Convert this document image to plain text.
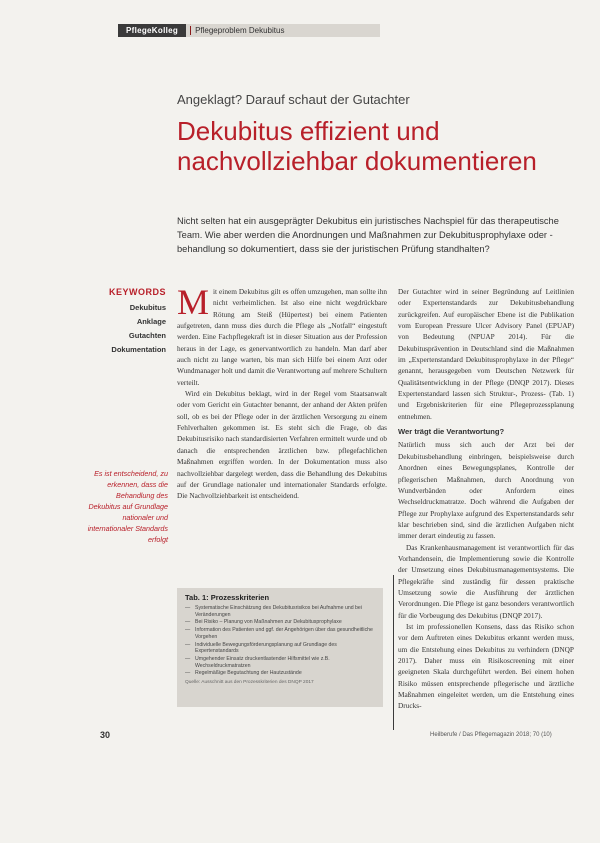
PflegeKolleg	Pflegeproblem Dekubitus
Angeklagt? Darauf schaut der Gutachter
Dekubitus effizient und nachvollziehbar dokumentieren
Nicht selten hat ein ausgeprägter Dekubitus ein juristisches Nachspiel für das therapeutische Team. Wie aber werden die Anordnungen und Maßnahmen zur Dekubitusprophylaxe oder -behandlung so dokumentiert, dass sie der juristischen Prüfung standhalten?
KEYWORDS
Dekubitus
Anklage
Gutachten
Dokumentation
Es ist entscheidend, zu erkennen, dass die Behandlung des Dekubitus auf Grundlage nationaler und internationaler Standards erfolgt

Mit einem Dekubitus gilt es offen umzugehen, man sollte ihn nicht verheimlichen. Ist also eine nicht wegdrückbare Rötung am Steiß (Hüpertest) bei einem Patienten aufgetreten, dann muss dies durch die Pflege als „Notfall“ eingestuft werden. Eine Fachpflegekraft ist in dieser Situation aus der Profession heraus in der Lage, es genervantwortlich zu handeln. Man darf aber auch nicht zu lange warten, bis man sich Hilfe bei einem Arzt oder Wundmanager holt und damit die Verantwortung auf mehrere Schultern verteilt.

Wird ein Dekubitus beklagt, wird in der Regel vom Staatsanwalt oder vom Gericht ein Gutachter benannt, der anhand der Akten prüfen soll, ob es bei der Pflege oder in der ärztlichen Versorgung zu einem Fehlverhalten gekommen ist. Es steht sich die Frage, ob das Dekubitusrisiko nach standardisierten Verfahren ermittelt wurde und ob danach die entsprechenden ärztlichen bzw. pflegefachlichen Maßnahmen ergriffen worden. In der Dokumentation muss also nachvollziehbar dargelegt werden, dass die Behandlung des Dekubitus auf der Grundlage nationaler und internationaler Standards erfolgte. Die Nachvollziehbarkeit ist entscheidend.

Tab. 1: Prozesskriterien
— Systematische Einschätzung des Dekubitusrisikos bei Aufnahme und bei Veränderungen
— Bei Risiko – Planung von Maßnahmen zur Dekubitusprophylaxe
— Information des Patienten und ggf. der Angehörigen über das gesundheitliche Vorgehen
— Individuelle Bewegungsförderungsplanung auf Grundlage des Expertenstandards
— Umgehender Einsatz druckentlastender Hilfsmittel wie z.B. Wechseldruckmatratzen
— Regelmäßige Begutachtung der Hautzustände
Quelle: Ausschnitt aus den Prozesskriterien des DNQP 2017

Der Gutachter wird in seiner Begründung auf Leitlinien oder Expertenstandards zur Dekubitusbehandlung zurückgreifen. Auf europäischer Ebene ist die Publikation vom European Pressure Ulcer Advisory Panel (EPUAP) von Bedeutung (NPUAP 2014). Für die Dekubitusprävention in Deutschland sind die Maßnahmen im „Expertenstandard Dekubitusprophylaxe in der Pflege“ genannt, herausgegeben vom Deutschen Netzwerk für Qualitätsentwicklung in der Pflege (DNQP 2017). Dieses Expertenstandard lassen sich Struktur-, Prozess- (Tab. 1) und Ergebniskriterien für eine Pflegeprozessplanung entnehmen.

Wer trägt die Verantwortung?

Natürlich muss sich auch der Arzt bei der Dekubitusbehandlung einbringen, beispielsweise durch Anordnen eines Bewegungsplanes, Kontrolle der pflegerischen Maßnahmen, durch Anordnung von Wundverbänden oder Anfordern eines Wechseldruckmatratze. Doch während die Aufgaben der Pflege zur Prophylaxe aufgrund des Expertenstandards sehr klar beschrieben sind, sind die ärztlichen Aufgaben nicht immer derart eindeutig zu fassen.

Das Krankenhausmanagement ist verantwortlich für das Vorhandensein, die Implementierung sowie die Kontrolle der Umsetzung eines Dekubitusmanagementsystems. Die Pflegekräfte sind zuständig für dessen praktische Umsetzung sowie die Ausführung der ärztlichen Verordnungen. Die Pflege ist ganz besonders verantwortlich für die Vorbeugung des Dekubitus (DNQP 2017).

Ist im professionellen Konsens, dass das Risiko schon vor dem Auftreten eines Dekubitus erkannt werden muss, um die Entstehung eines Dekubitus zu verhindern (DNQP 2017). Daher muss ein Risikoscreening mit einer geeigneten Skala durchgeführt werden. Bei einem hohen Risiko müssen entsprechende pflegerische und ärztliche Maßnahmen eingeleitet werden, um die Entstehung eines Drucks-

30	Heilberufe / Das Pflegemagazin 2018; 70 (10)
